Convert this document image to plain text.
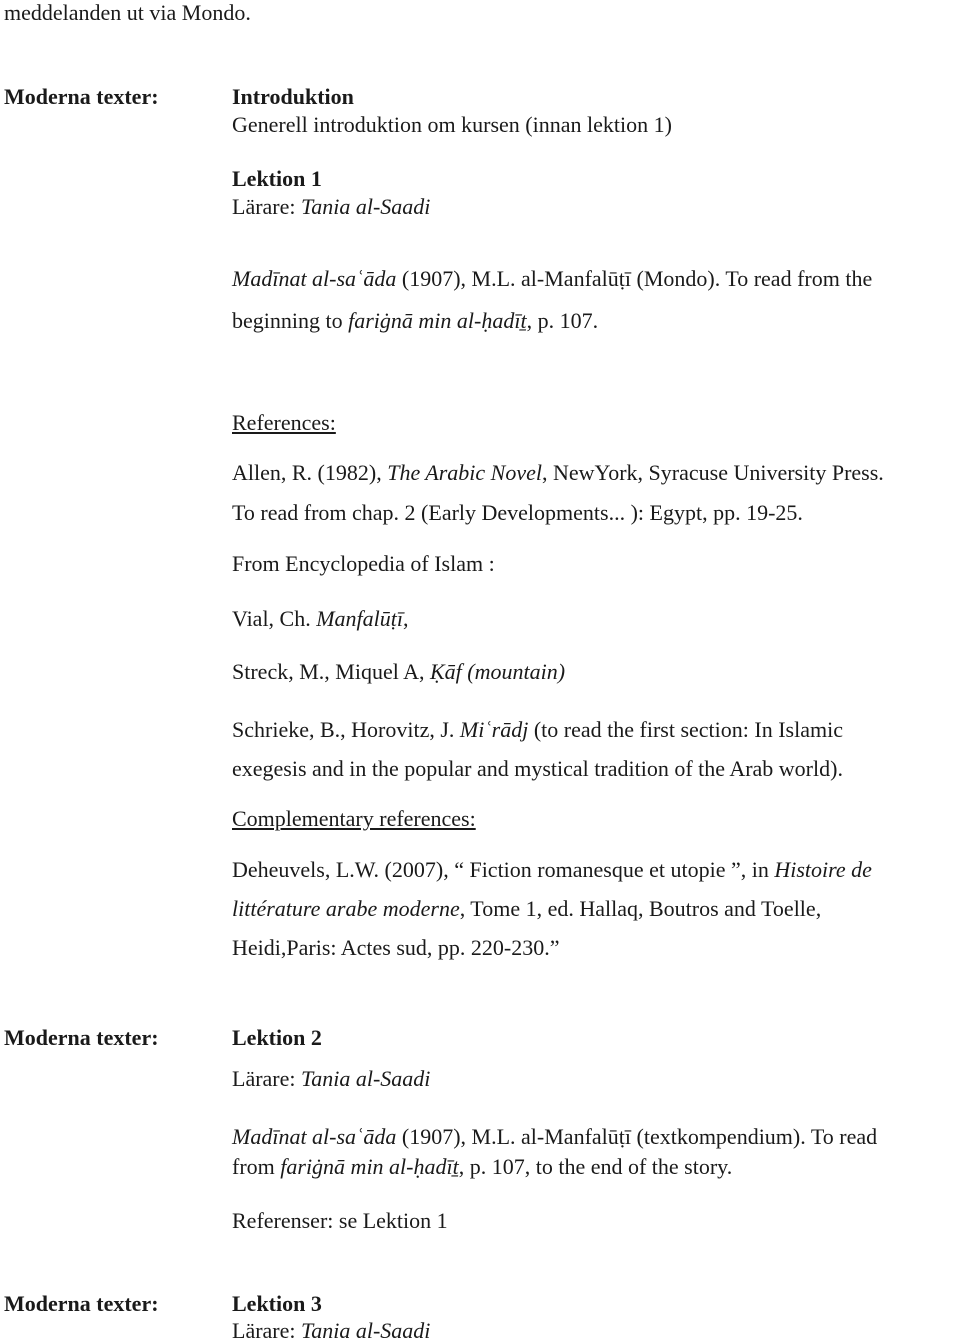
meddelanden ut via Mondo.
Moderna texter:	Introduktion
Generell introduktion om kursen (innan lektion 1)
Lektion 1
Lärare: Tania al-Saadi
Madīnat al-saʿāda (1907), M.L. al-Manfalūṭī (Mondo). To read from the
beginning to fariġnā min al-ḥadīṯ, p. 107.
References:
Allen, R. (1982), The Arabic Novel, NewYork, Syracuse University Press.
To read from chap. 2 (Early Developments... ): Egypt, pp. 19-25.
From Encyclopedia of Islam :
Vial, Ch. Manfalūṭī,
Streck, M., Miquel A, Ḳāf (mountain)
Schrieke, B., Horovitz, J. Miʿrādj (to read the first section: In Islamic
exegesis and in the popular and mystical tradition of the Arab world).
Complementary references:
Deheuvels, L.W. (2007), “ Fiction romanesque et utopie ”, in Histoire de
littérature arabe moderne, Tome 1, ed. Hallaq, Boutros and Toelle,
Heidi,Paris: Actes sud, pp. 220-230.”
Moderna texter:	Lektion 2
Lärare: Tania al-Saadi
Madīnat al-saʿāda (1907), M.L. al-Manfalūṭī (textkompendium). To read
from fariġnā min al-ḥadīṯ, p. 107, to the end of the story.
Referenser: se Lektion 1
Moderna texter:	Lektion 3
Lärare: Tania al-Saadi
